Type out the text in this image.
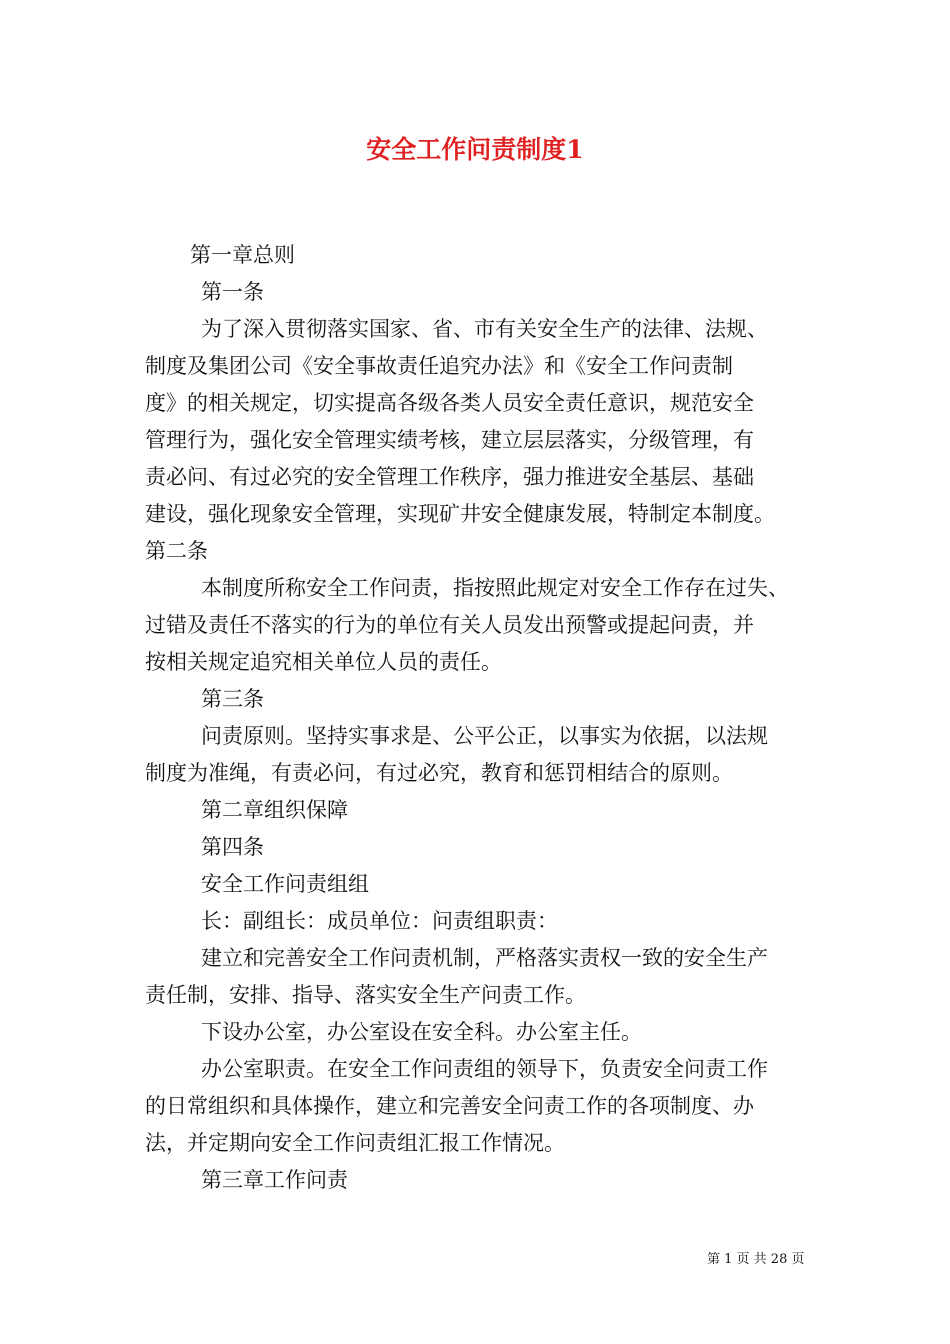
安全工作问责制度1

第一章总则

第一条

为了深入贯彻落实国家、省、市有关安全生产的法律、法规、

制度及集团公司《安全事故责任追究办法》和《安全工作问责制

度》的相关规定，切实提高各级各类人员安全责任意识，规范安全

管理行为，强化安全管理实绩考核，建立层层落实，分级管理，有

责必问、有过必究的安全管理工作秩序，强力推进安全基层、基础

建设，强化现象安全管理，实现矿井安全健康发展，特制定本制度。

第二条

本制度所称安全工作问责，指按照此规定对安全工作存在过失、

过错及责任不落实的行为的单位有关人员发出预警或提起问责，并

按相关规定追究相关单位人员的责任。

第三条

问责原则。坚持实事求是、公平公正，以事实为依据，以法规

制度为准绳，有责必问，有过必究，教育和惩罚相结合的原则。

第二章组织保障

第四条

安全工作问责组组

长：副组长：成员单位：问责组职责：

建立和完善安全工作问责机制，严格落实责权一致的安全生产

责任制，安排、指导、落实安全生产问责工作。

下设办公室，办公室设在安全科。办公室主任。

办公室职责。在安全工作问责组的领导下，负责安全问责工作

的日常组织和具体操作，建立和完善安全问责工作的各项制度、办

法，并定期向安全工作问责组汇报工作情况。

第三章工作问责

第 1 页 共 28 页
